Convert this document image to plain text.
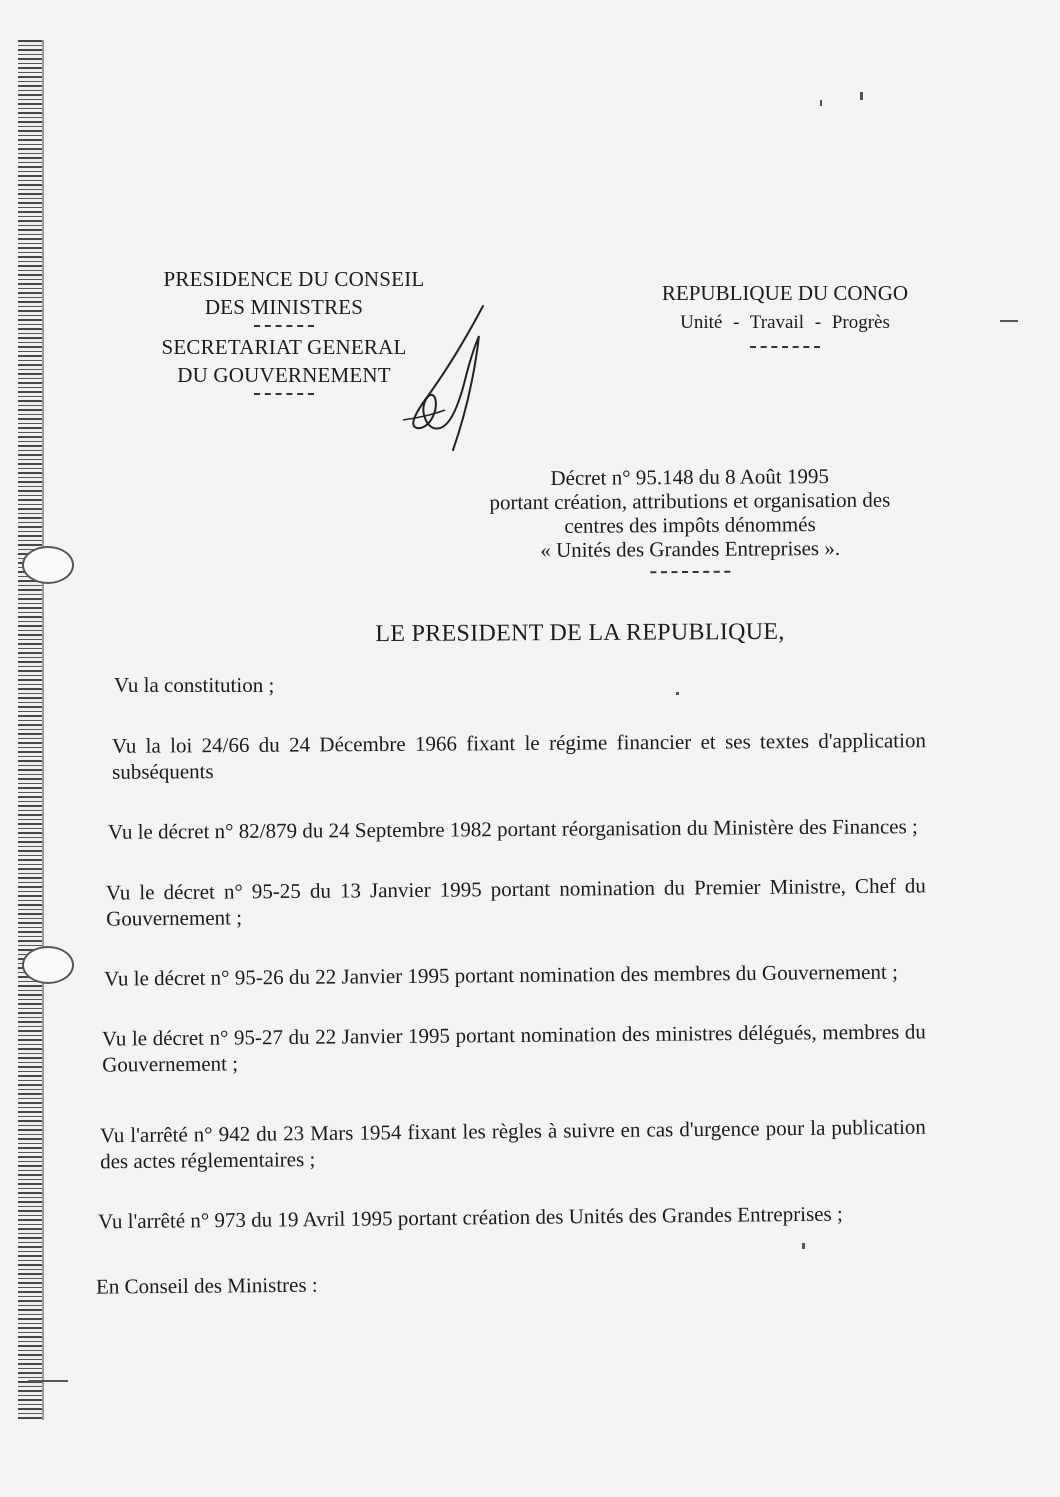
PRESIDENCE DU CONSEIL
DES MINISTRES
SECRETARIAT GENERAL
DU GOUVERNEMENT
REPUBLIQUE DU CONGO
Unité - Travail - Progrès
Décret n° 95.148 du 8 Août 1995
portant création, attributions et organisation des
centres des impôts dénommés
« Unités des Grandes Entreprises ».
LE PRESIDENT DE LA REPUBLIQUE,
Vu la constitution ;
Vu la loi 24/66 du 24 Décembre 1966 fixant le régime financier et ses textes d'application subséquents
Vu le décret n° 82/879 du 24 Septembre 1982 portant réorganisation du Ministère des Finances ;
Vu le décret n° 95-25 du 13 Janvier 1995 portant nomination du Premier Ministre, Chef du Gouvernement ;
Vu le décret n° 95-26 du 22 Janvier 1995 portant nomination des membres du Gouvernement ;
Vu le décret n° 95-27 du 22 Janvier 1995 portant nomination des ministres délégués, membres du Gouvernement ;
Vu l'arrêté n° 942 du 23 Mars 1954 fixant les règles à suivre en cas d'urgence pour la publication des actes réglementaires ;
Vu l'arrêté n° 973 du 19 Avril 1995 portant création des Unités des Grandes Entreprises ;
En Conseil des Ministres :
